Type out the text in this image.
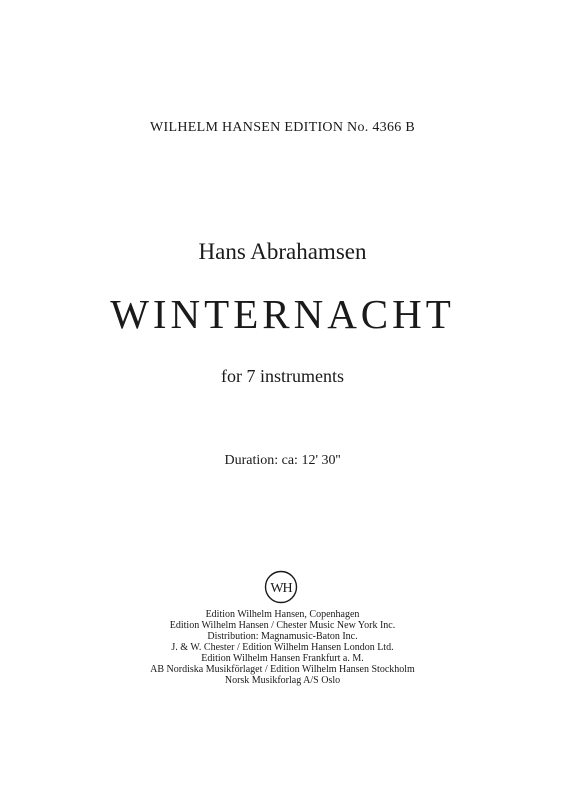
WILHELM HANSEN EDITION No. 4366 B

Hans Abrahamsen
WINTERNACHT

for 7 instruments

Duration: ca: 12' 30''

WH
Edition Wilhelm Hansen, Copenhagen
Edition Wilhelm Hansen / Chester Music New York Inc.
Distribution: Magnamusic-Baton Inc.
J. & W. Chester / Edition Wilhelm Hansen London Ltd.
Edition Wilhelm Hansen Frankfurt a. M.
AB Nordiska Musikförlaget / Edition Wilhelm Hansen Stockholm
Norsk Musikforlag A/S Oslo
